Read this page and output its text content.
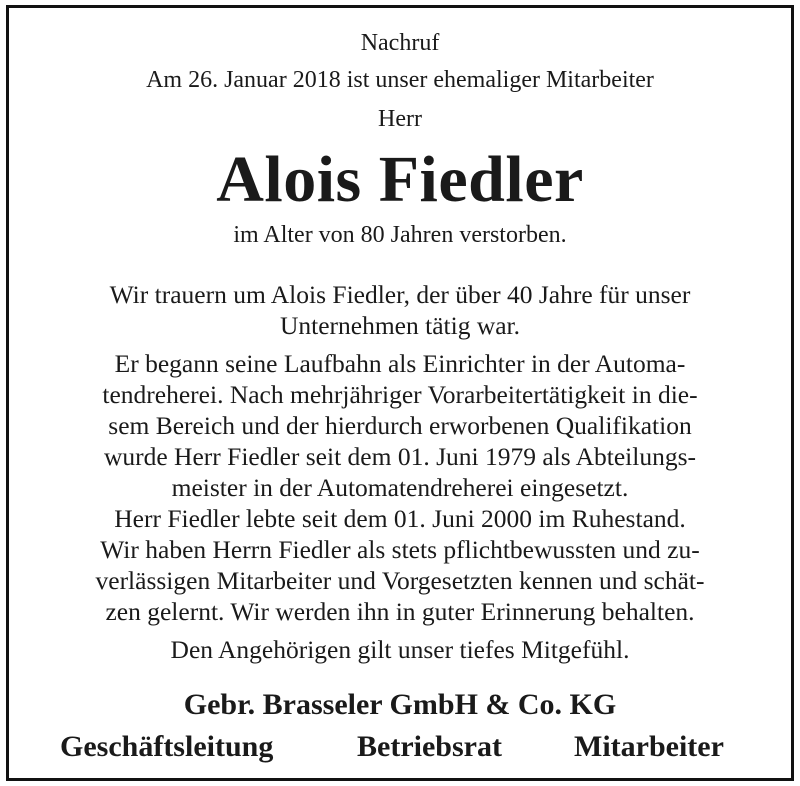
Nachruf
Am 26. Januar 2018 ist unser ehemaliger Mitarbeiter
Herr
Alois Fiedler
im Alter von 80 Jahren verstorben.
Wir trauern um Alois Fiedler, der über 40 Jahre für unser
Unternehmen tätig war.
Er begann seine Laufbahn als Einrichter in der Automa-
tendreherei. Nach mehrjähriger Vorarbeitertätigkeit in die-
sem Bereich und der hierdurch erworbenen Qualifikation
wurde Herr Fiedler seit dem 01. Juni 1979 als Abteilungs-
meister in der Automatendreherei eingesetzt.
Herr Fiedler lebte seit dem 01. Juni 2000 im Ruhestand.
Wir haben Herrn Fiedler als stets pflichtbewussten und zu-
verlässigen Mitarbeiter und Vorgesetzten kennen und schät-
zen gelernt. Wir werden ihn in guter Erinnerung behalten.
Den Angehörigen gilt unser tiefes Mitgefühl.
Gebr. Brasseler GmbH & Co. KG
Geschäftsleitung	Betriebsrat Mitarbeiter
